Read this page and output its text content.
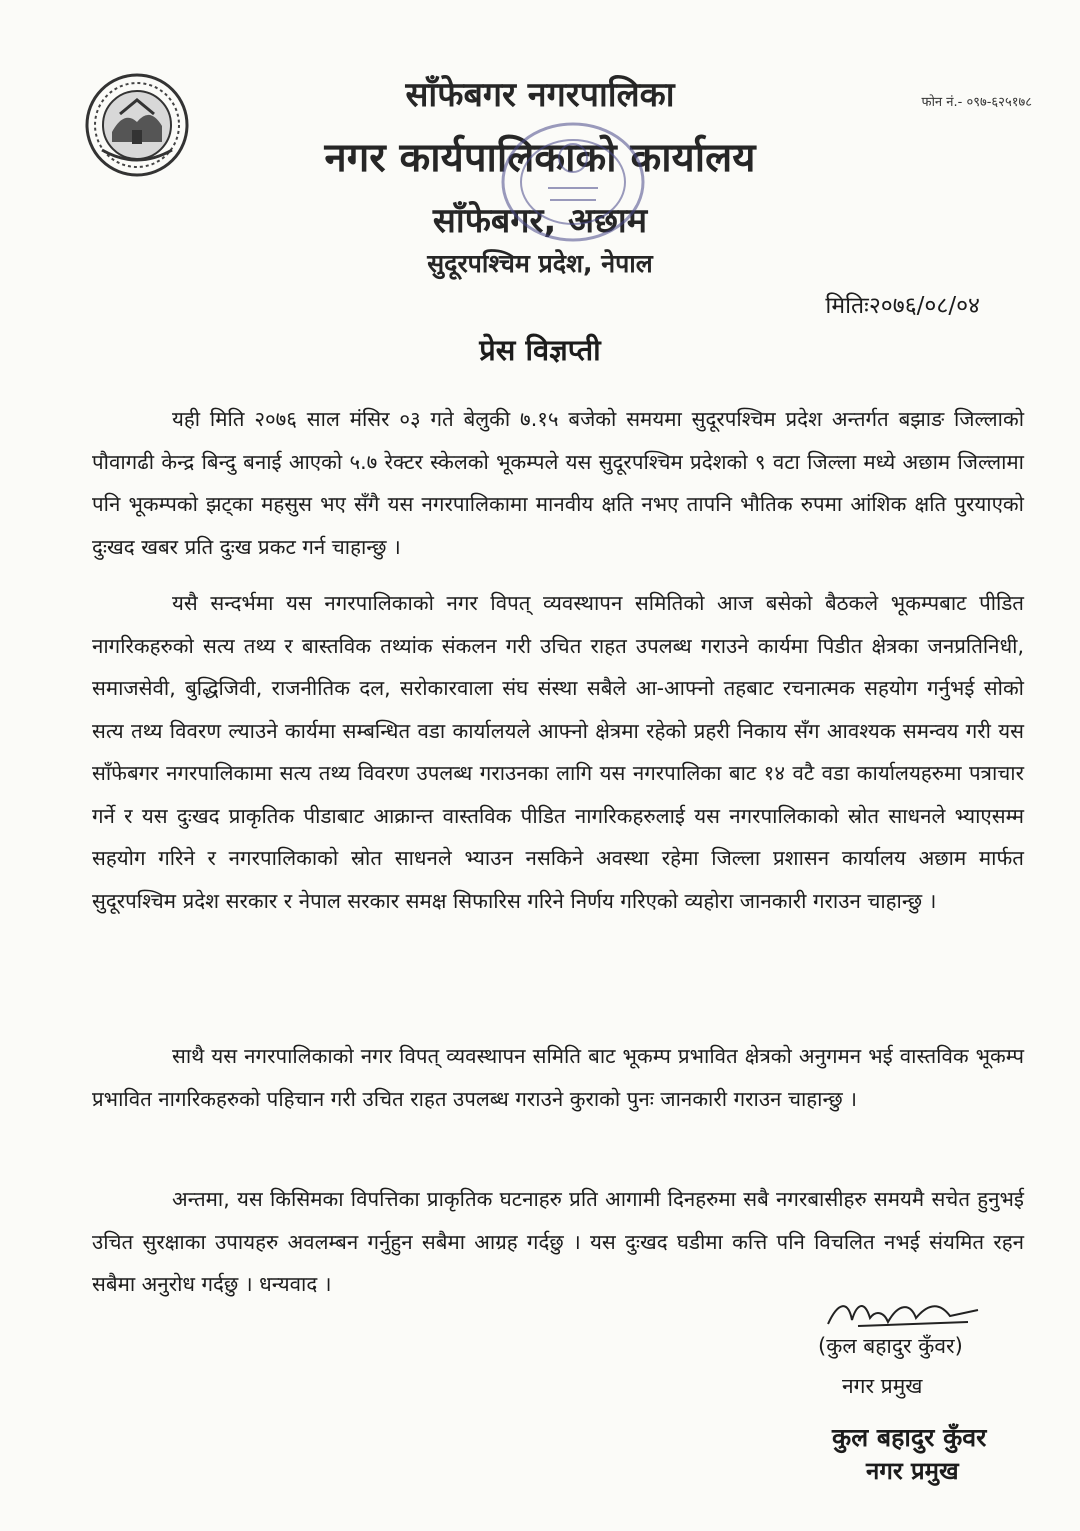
साँफेबगर नगरपालिका	फोन नं.- ०९७-६२५१७८
नगर कार्यपालिकाको कार्यालय
साँफेबगर, अछाम
सुदूरपश्चिम प्रदेश, नेपाल
मितिः२०७६/०८/०४
प्रेस विज्ञप्ती

यही मिति २०७६ साल मंसिर ०३ गते बेलुकी ७.१५ बजेको समयमा सुदूरपश्चिम प्रदेश अन्तर्गत बझाङ जिल्लाको पौवागढी केन्द्र बिन्दु बनाई आएको ५.७ रेक्टर स्केलको भूकम्पले यस सुदूरपश्चिम प्रदेशको ९ वटा जिल्ला मध्ये अछाम जिल्लामा पनि भूकम्पको झट्का महसुस भए सँगै यस नगरपालिकामा मानवीय क्षति नभए तापनि भौतिक रुपमा आंशिक क्षति पुरयाएको दुःखद खबर प्रति दुःख प्रकट गर्न चाहान्छु ।

यसै सन्दर्भमा यस नगरपालिकाको नगर विपत् व्यवस्थापन समितिको आज बसेको बैठकले भूकम्पबाट पीडित नागरिकहरुको सत्य तथ्य र बास्तविक तथ्यांक संकलन गरी उचित राहत उपलब्ध गराउने कार्यमा पिडीत क्षेत्रका जनप्रतिनिधी, समाजसेवी, बुद्धिजिवी, राजनीतिक दल, सरोकारवाला संघ संस्था सबैले आ-आफ्नो तहबाट रचनात्मक सहयोग गर्नुभई सोको सत्य तथ्य विवरण ल्याउने कार्यमा सम्बन्धित वडा कार्यालयले आफ्नो क्षेत्रमा रहेको प्रहरी निकाय सँग आवश्यक समन्वय गरी यस साँफेबगर नगरपालिकामा सत्य तथ्य विवरण उपलब्ध गराउनका लागि यस नगरपालिका बाट १४ वटै वडा कार्यालयहरुमा पत्राचार गर्ने र यस दुःखद प्राकृतिक पीडाबाट आक्रान्त वास्तविक पीडित नागरिकहरुलाई यस नगरपालिकाको स्रोत साधनले भ्याएसम्म सहयोग गरिने र नगरपालिकाको स्रोत साधनले भ्याउन नसकिने अवस्था रहेमा जिल्ला प्रशासन कार्यालय अछाम मार्फत सुदूरपश्चिम प्रदेश सरकार र नेपाल सरकार समक्ष सिफारिस गरिने निर्णय गरिएको व्यहोरा जानकारी गराउन चाहान्छु ।

साथै यस नगरपालिकाको नगर विपत् व्यवस्थापन समिति बाट भूकम्प प्रभावित क्षेत्रको अनुगमन भई वास्तविक भूकम्प प्रभावित नागरिकहरुको पहिचान गरी उचित राहत उपलब्ध गराउने कुराको पुनः जानकारी गराउन चाहान्छु ।

अन्तमा, यस किसिमका विपत्तिका प्राकृतिक घटनाहरु प्रति आगामी दिनहरुमा सबै नगरबासीहरु समयमै सचेत हुनुभई उचित सुरक्षाका उपायहरु अवलम्बन गर्नुहुन सबैमा आग्रह गर्दछु । यस दुःखद घडीमा कत्ति पनि विचलित नभई संयमित रहन सबैमा अनुरोध गर्दछु । धन्यवाद ।

(कुल बहादुर कुँवर)
नगर प्रमुख
कुल बहादुर कुँवर
नगर प्रमुख
